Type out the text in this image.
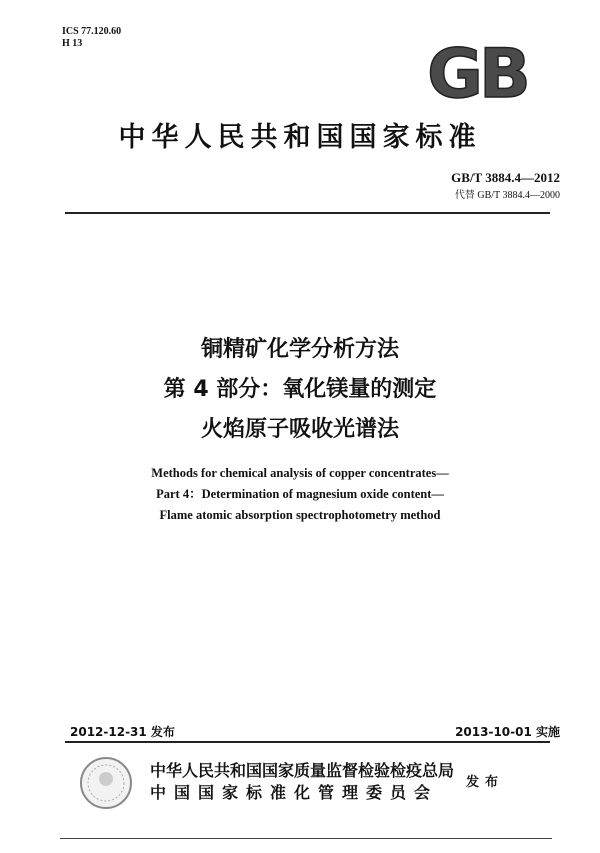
ICS 77.120.60
H 13	GB
中华人民共和国国家标准
GB/T 3884.4—2012
代替 GB/T 3884.4—2000
铜精矿化学分析方法
第 4 部分：氧化镁量的测定
火焰原子吸收光谱法
Methods for chemical analysis of copper concentrates—
Part 4：Determination of magnesium oxide content—
Flame atomic absorption spectrophotometry method
2012-12-31 发布	2013-10-01 实施
中华人民共和国国家质量监督检验检疫总局
中国国家标准化管理委员会
发布
